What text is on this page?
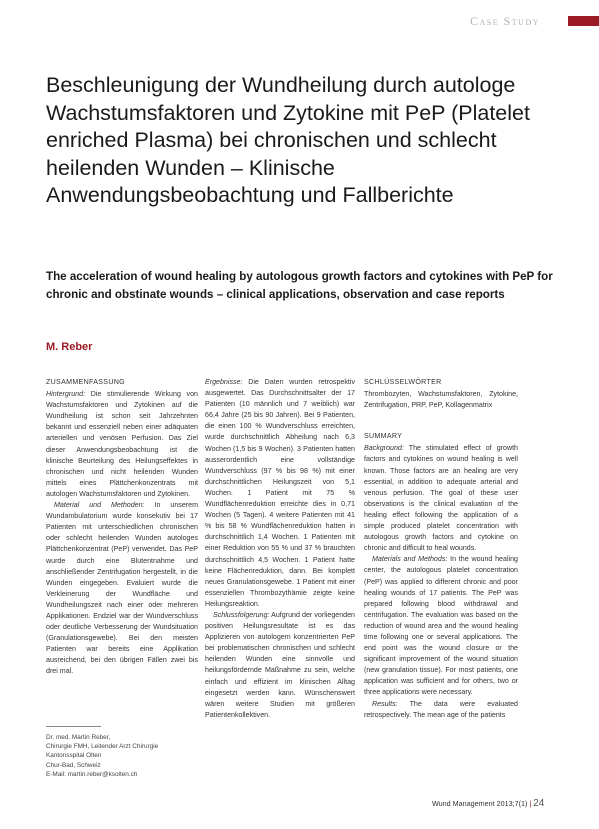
Case Study
Beschleunigung der Wundheilung durch autologe Wachstumsfaktoren und Zytokine mit PeP (Platelet enriched Plasma) bei chronischen und schlecht heilenden Wunden – Klinische Anwendungsbeobachtung und Fallberichte
The acceleration of wound healing by autologous growth factors and cytokines with PeP for chronic and obstinate wounds – clinical applications, observation and case reports
M. Reber
ZUSAMMENFASSUNG

Hintergrund: Die stimulierende Wirkung von Wachstumsfaktoren und Zytokinen auf die Wundheilung ist schon seit Jahrzehnten bekannt und essenziell neben einer adäquaten arteriellen und venösen Perfusion. Das Ziel dieser Anwendungsbeobachtung ist die klinische Beurteilung des Heilungseffektes in chronischen und nicht heilenden Wunden mittels eines Plättchenkonzentrats mit autologen Wachstumsfaktoren und Zytokinen.

Material und Methoden: In unserem Wundambulatorium wurde konsekutiv bei 17 Patienten mit unterschiedlichen chronischen oder schlecht heilenden Wunden autologes Plättchenkonzentrat (PeP) verwendet. Das PeP wurde durch eine Blutentnahme und anschließender Zentrifugation hergestellt, in die Wunden eingegeben. Evaluiert wurde die Verkleinerung der Wundfläche und Wundheilungszeit nach einer oder mehreren Applikationen. Endziel war der Wundverschluss oder deutliche Verbesserung der Wundsituation (Granulationsgewebe). Bei den meisten Patienten war bereits eine Applikation ausreichend, bei den übrigen Fällen zwei bis drei mal.

Ergebnisse: Die Daten wurden retrospektiv ausgewertet. Das Durchschnittsalter der 17 Patienten (10 männlich und 7 weiblich) war 66,4 Jahre (25 bis 90 Jahren). Bei 9 Patienten, die einen 100 % Wundverschluss erreichten, wurde durchschnittlich Abheilung nach 6,3 Wochen (1,5 bis 9 Wochen). 3 Patienten hatten ausserordentlich eine vollständige Wundverschluss (97 % bis 98 %) mit einer durchschnittlichen Heilungszeit von 5,1 Wochen. 1 Patient mit 75 % Wundflächenreduktion erreichte dies in 0,71 Wochen (5 Tagen). 4 weitere Patienten mit 41 % bis 58 % Wundflächenreduktion hatten in durchschnittlich 1,4 Wochen. 1 Patienten mit einer Reduktion von 55 % und 37 % brauchten durchschnittlich 4,5 Wochen. 1 Patient hatte keine Flächenreduktion, dann. Bei komplett neues Granulationsgewebe. 1 Patient mit einer essenziellen Thrombozythämie zeigte keine Heilungsreaktion.

Schlussfolgerung: Aufgrund der vorliegenden positiven Heilungsresultate ist es das Applizieren von autologem konzentrierten PeP bei problematischen chronischen und schlecht heilenden Wunden eine sinnvolle und heilungsfördernde Maßnahme zu sein, welche einfach und effizient im klinischen Alltag eingesetzt werden kann. Wünschenswert wären weitere Studien mit größeren Patientenkollektiven.

SCHLÜSSELWÖRTER

Thrombozyten, Wachstumsfaktoren, Zytokine, Zentrifugation, PRP, PeP, Kollagenmatrix

SUMMARY

Background: The stimulated effect of growth factors and cytokines on wound healing is well known. Those factors are an healing are very essential, in addition to adequate arterial and venous perfusion. The goal of these user observations is the clinical evaluation of the healing effect following the application of a simple produced platelet concentration with autologous growth factors and cytokine on chronic and difficult to heal wounds.

Materials and Methods: In the wound healing center, the autologous platelet concentration (PeP) was applied to different chronic and poor healing wounds of 17 patients. The PeP was prepared following blood withdrawal and centrifugation. The evaluation was based on the reduction of wound area and the wound healing time following one or several applications. The end point was the wound closure or the significant improvement of the wound situation (new granulation tissue). For most patients, one application was sufficient and for others, two or three applications were necessary.

Results: The data were evaluated retrospectively. The mean age of the patients

Dr. med. Martin Reber,
Chirurgie FMH, Leitender Arzt Chirurgie
Kantonsspital Olten
Chur-Bad, Schweiz
E-Mail: martin.reber@ksolten.ch
Wund Management 2013;7(1) | 24
